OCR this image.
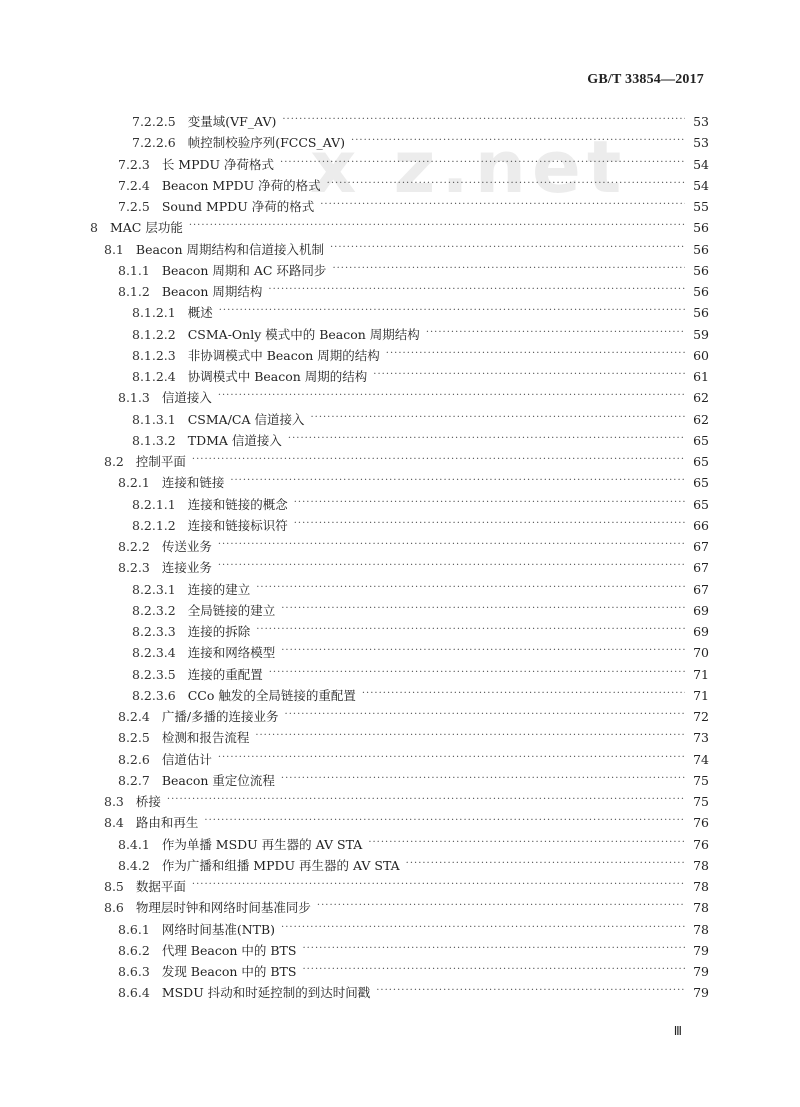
GB/T 33854—2017
x z.net
7.2.2.5 变量域(VF_AV) ·····	53
7.2.2.6 帧控制校验序列(FCCS_AV) ·····	53
7.2.3 长 MPDU 净荷格式 ·····	54
7.2.4 Beacon MPDU 净荷的格式 ·····	54
7.2.5 Sound MPDU 净荷的格式 ·····	55
8 MAC 层功能 ·····	56
8.1 Beacon 周期结构和信道接入机制 ·····	56
8.1.1 Beacon 周期和 AC 环路同步 ·····	56
8.1.2 Beacon 周期结构 ·····	56
8.1.2.1 概述 ·····	56
8.1.2.2 CSMA-Only 模式中的 Beacon 周期结构 ·····	59
8.1.2.3 非协调模式中 Beacon 周期的结构 ·····	60
8.1.2.4 协调模式中 Beacon 周期的结构 ·····	61
8.1.3 信道接入 ·····	62
8.1.3.1 CSMA/CA 信道接入 ·····	62
8.1.3.2 TDMA 信道接入 ·····	65
8.2 控制平面 ·····	65
8.2.1 连接和链接 ·····	65
8.2.1.1 连接和链接的概念 ·····	65
8.2.1.2 连接和链接标识符 ·····	66
8.2.2 传送业务 ·····	67
8.2.3 连接业务 ·····	67
8.2.3.1 连接的建立 ·····	67
8.2.3.2 全局链接的建立 ·····	69
8.2.3.3 连接的拆除 ·····	69
8.2.3.4 连接和网络模型 ·····	70
8.2.3.5 连接的重配置 ·····	71
8.2.3.6 CCo 触发的全局链接的重配置 ·····	71
8.2.4 广播/多播的连接业务 ·····	72
8.2.5 检测和报告流程 ·····	73
8.2.6 信道估计 ·····	74
8.2.7 Beacon 重定位流程 ·····	75
8.3 桥接 ·····	75
8.4 路由和再生 ·····	76
8.4.1 作为单播 MSDU 再生器的 AV STA ·····	76
8.4.2 作为广播和组播 MPDU 再生器的 AV STA ·····	78
8.5 数据平面 ·····	78
8.6 物理层时钟和网络时间基准同步 ·····	78
8.6.1 网络时间基准(NTB) ·····	78
8.6.2 代理 Beacon 中的 BTS ·····	79
8.6.3 发现 Beacon 中的 BTS ·····	79
8.6.4 MSDU 抖动和时延控制的到达时间戳 ·····	79
Ⅲ
